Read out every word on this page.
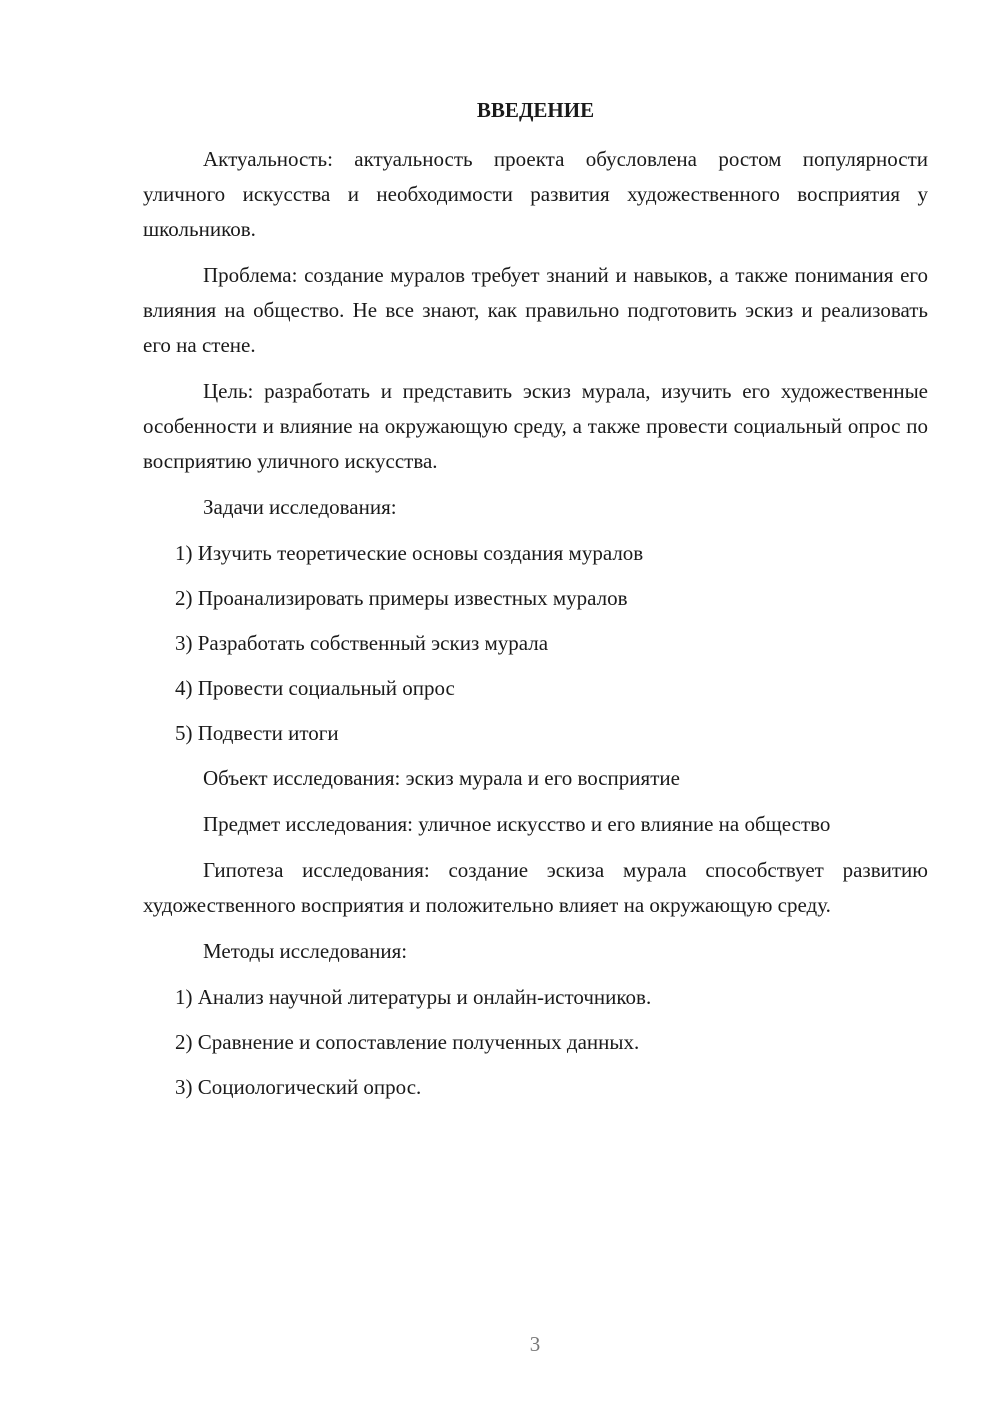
ВВЕДЕНИЕ

Актуальность: актуальность проекта обусловлена ростом популярности уличного искусства и необходимости развития художественного восприятия у школьников.

Проблема: создание муралов требует знаний и навыков, а также понимания его влияния на общество. Не все знают, как правильно подготовить эскиз и реализовать его на стене.

Цель: разработать и представить эскиз мурала, изучить его художественные особенности и влияние на окружающую среду, а также провести социальный опрос по восприятию уличного искусства.

Задачи исследования:

1) Изучить теоретические основы создания муралов
2) Проанализировать примеры известных муралов
3) Разработать собственный эскиз мурала
4) Провести социальный опрос
5) Подвести итоги

Объект исследования: эскиз мурала и его восприятие

Предмет исследования: уличное искусство и его влияние на общество

Гипотеза исследования: создание эскиза мурала способствует развитию художественного восприятия и положительно влияет на окружающую среду.

Методы исследования:

1) Анализ научной литературы и онлайн-источников.
2) Сравнение и сопоставление полученных данных.
3) Социологический опрос.
3
